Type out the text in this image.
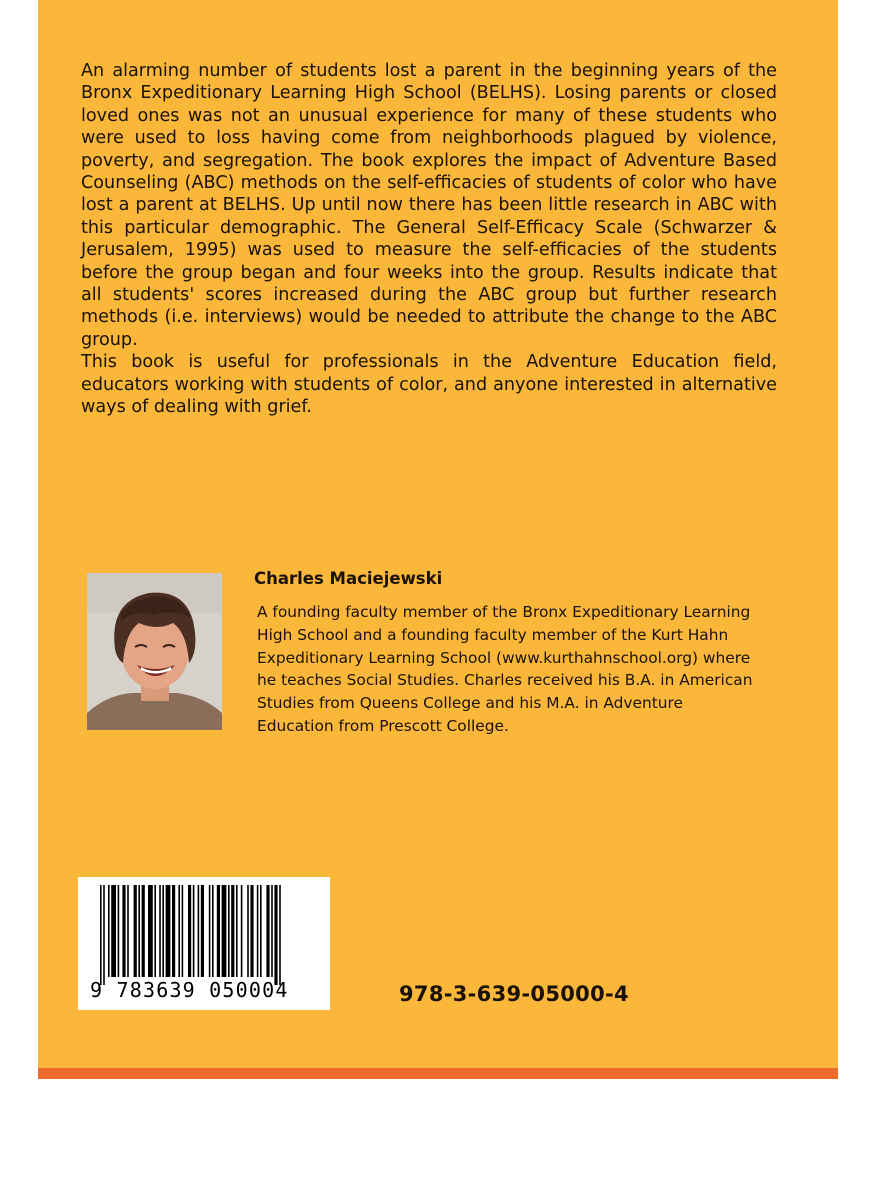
An alarming number of students lost a parent in the beginning years of the Bronx Expeditionary Learning High School (BELHS). Losing parents or closed loved ones was not an unusual experience for many of these students who were used to loss having come from neighborhoods plagued by violence, poverty, and segregation. The book explores the impact of Adventure Based Counseling (ABC) methods on the self-efficacies of students of color who have lost a parent at BELHS. Up until now there has been little research in ABC with this particular demographic. The General Self-Efficacy Scale (Schwarzer & Jerusalem, 1995) was used to measure the self-efficacies of the students before the group began and four weeks into the group. Results indicate that all students' scores increased during the ABC group but further research methods (i.e. interviews) would be needed to attribute the change to the ABC group.

This book is useful for professionals in the Adventure Education field, educators working with students of color, and anyone interested in alternative ways of dealing with grief.

Charles Maciejewski

A founding faculty member of the Bronx Expeditionary Learning High School and a founding faculty member of the Kurt Hahn Expeditionary Learning School (www.kurthahnschool.org) where he teaches Social Studies. Charles received his B.A. in American Studies from Queens College and his M.A. in Adventure Education from Prescott College.

9 783639 050004	978-3-639-05000-4
